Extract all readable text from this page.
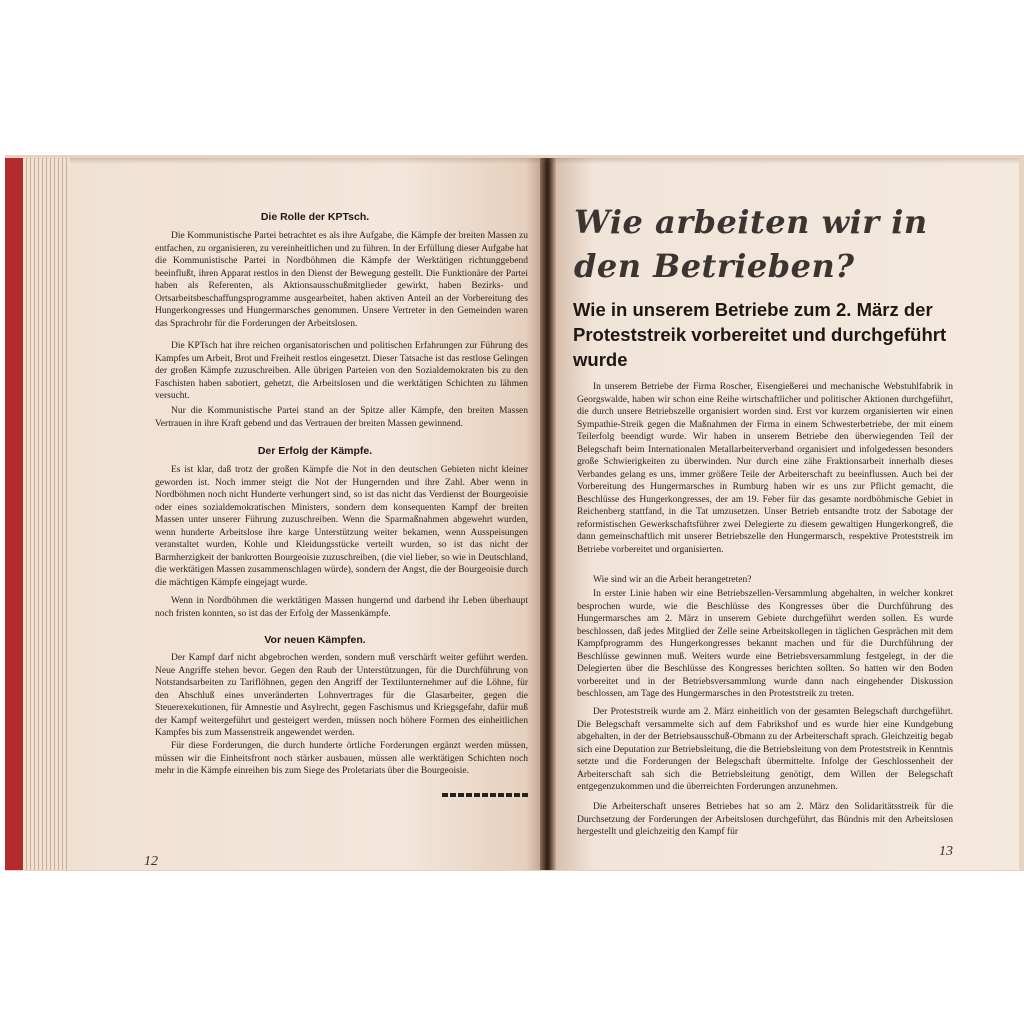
Die Rolle der KPTsch.

Die Kommunistische Partei betrachtet es als ihre Aufgabe, die Kämpfe der breiten Massen zu entfachen, zu organisieren, zu vereinheitlichen und zu führen. In der Erfüllung dieser Aufgabe hat die Kommunistische Partei in Nordböhmen die Kämpfe der Werktätigen richtunggebend beeinflußt, ihren Apparat restlos in den Dienst der Bewegung gestellt. Die Funktionäre der Partei haben als Referenten, als Aktionsausschußmitglieder gewirkt, haben Bezirks- und Ortsarbeitsbeschaffungsprogramme ausgearbeitet, haben aktiven Anteil an der Vorbereitung des Hungerkongresses und Hungermarsches genommen. Unsere Vertreter in den Gemeinden waren das Sprachrohr für die Forderungen der Arbeitslosen.

Die KPTsch hat ihre reichen organisatorischen und politischen Erfahrungen zur Führung des Kampfes um Arbeit, Brot und Freiheit restlos eingesetzt. Dieser Tatsache ist das restlose Gelingen der großen Kämpfe zuzuschreiben. Alle übrigen Parteien von den Sozialdemokraten bis zu den Faschisten haben sabotiert, gehetzt, die Arbeitslosen und die werktätigen Schichten zu lähmen versucht.

Nur die Kommunistische Partei stand an der Spitze aller Kämpfe, den breiten Massen Vertrauen in ihre Kraft gebend und das Vertrauen der breiten Massen gewinnend.

Der Erfolg der Kämpfe.

Es ist klar, daß trotz der großen Kämpfe die Not in den deutschen Gebieten nicht kleiner geworden ist. Noch immer steigt die Not der Hungernden und ihre Zahl. Aber wenn in Nordböhmen noch nicht Hunderte verhungert sind, so ist das nicht das Verdienst der Bourgeoisie oder eines sozialdemokratischen Ministers, sondern dem konsequenten Kampf der breiten Massen unter unserer Führung zuzuschreiben. Wenn die Sparmaßnahmen abgewehrt wurden, wenn hunderte Arbeitslose ihre karge Unterstützung weiter bekamen, wenn Ausspeisungen veranstaltet wurden, Kohle und Kleidungsstücke verteilt wurden, so ist das nicht der Barmherzigkeit der bankrotten Bourgeoisie zuzuschreiben, (die viel lieber, so wie in Deutschland, die werktätigen Massen zusammenschlagen würde), sondern der Angst, die der Bourgeoisie durch die mächtigen Kämpfe eingejagt wurde.

Wenn in Nordböhmen die werktätigen Massen hungernd und darbend ihr Leben überhaupt noch fristen konnten, so ist das der Erfolg der Massenkämpfe.

Vor neuen Kämpfen.

Der Kampf darf nicht abgebrochen werden, sondern muß verschärft weiter geführt werden. Neue Angriffe stehen bevor. Gegen den Raub der Unterstützungen, für die Durchführung von Notstandsarbeiten zu Tariflöhnen, gegen den Angriff der Textilunternehmer auf die Löhne, für den Abschluß eines unveränderten Lohnvertrages für die Glasarbeiter, gegen die Steuerexekutionen, für Amnestie und Asylrecht, gegen Faschismus und Kriegsgefahr, dafür muß der Kampf weitergeführt und gesteigert werden, müssen noch höhere Formen des einheitlichen Kampfes bis zum Massenstreik angewendet werden.

Für diese Forderungen, die durch hunderte örtliche Forderungen ergänzt werden müssen, müssen wir die Einheitsfront noch stärker ausbauen, müssen alle werktätigen Schichten noch mehr in die Kämpfe einreihen bis zum Siege des Proletariats über die Bourgeoisie.

12
Wie arbeiten wir in den Betrieben?
Wie in unserem Betriebe zum 2. März der Proteststreik vorbereitet und durchgeführt wurde

In unserem Betriebe der Firma Roscher, Eisengießerei und mechanische Webstuhlfabrik in Georgswalde, haben wir schon eine Reihe wirtschaftlicher und politischer Aktionen durchgeführt, die durch unsere Betriebszelle organisiert worden sind. Erst vor kurzem organisierten wir einen Sympathie-Streik gegen die Maßnahmen der Firma in einem Schwesterbetriebe, der mit einem Teilerfolg beendigt wurde. Wir haben in unserem Betriebe den überwiegenden Teil der Belegschaft beim Internationalen Metallarbeiterverband organisiert und infolgedessen besonders große Schwierigkeiten zu überwinden. Nur durch eine zähe Fraktionsarbeit innerhalb dieses Verbandes gelang es uns, immer größere Teile der Arbeiterschaft zu beeinflussen. Auch bei der Vorbereitung des Hungermarsches in Rumburg haben wir es uns zur Pflicht gemacht, die Beschlüsse des Hungerkongresses, der am 19. Feber für das gesamte nordböhmische Gebiet in Reichenberg stattfand, in die Tat umzusetzen. Unser Betrieb entsandte trotz der Sabotage der reformistischen Gewerkschaftsführer zwei Delegierte zu diesem gewaltigen Hungerkongreß, die dann gemeinschaftlich mit unserer Betriebszelle den Hungermarsch, respektive Proteststreik im Betriebe vorbereitet und organisierten.

Wie sind wir an die Arbeit herangetreten?

In erster Linie haben wir eine Betriebszellen-Versammlung abgehalten, in welcher konkret besprochen wurde, wie die Beschlüsse des Kongresses über die Durchführung des Hungermarsches am 2. März in unserem Gebiete durchgeführt werden sollen. Es wurde beschlossen, daß jedes Mitglied der Zelle seine Arbeitskollegen in täglichen Gesprächen mit dem Kampfprogramm des Hungerkongresses bekannt machen und für die Durchführung der Beschlüsse gewinnen muß. Weiters wurde eine Betriebsversammlung festgelegt, in der die Delegierten über die Beschlüsse des Kongresses berichten sollten. So hatten wir den Boden vorbereitet und in der Betriebsversammlung wurde dann nach eingehender Diskussion beschlossen, am Tage des Hungermarsches in den Proteststreik zu treten.

Der Proteststreik wurde am 2. März einheitlich von der gesamten Belegschaft durchgeführt. Die Belegschaft versammelte sich auf dem Fabrikshof und es wurde hier eine Kundgebung abgehalten, in der der Betriebsausschuß-Obmann zu der Arbeiterschaft sprach. Gleichzeitig begab sich eine Deputation zur Betriebsleitung, die die Betriebsleitung von dem Proteststreik in Kenntnis setzte und die Forderungen der Belegschaft übermittelte. Infolge der Geschlossenheit der Arbeiterschaft sah sich die Betriebsleitung genötigt, dem Willen der Belegschaft entgegenzukommen und die überreichten Forderungen anzunehmen.

Die Arbeiterschaft unseres Betriebes hat so am 2. März den Solidaritätsstreik für die Durchsetzung der Forderungen der Arbeitslosen durchgeführt, das Bündnis mit den Arbeitslosen hergestellt und gleichzeitig den Kampf für

13
